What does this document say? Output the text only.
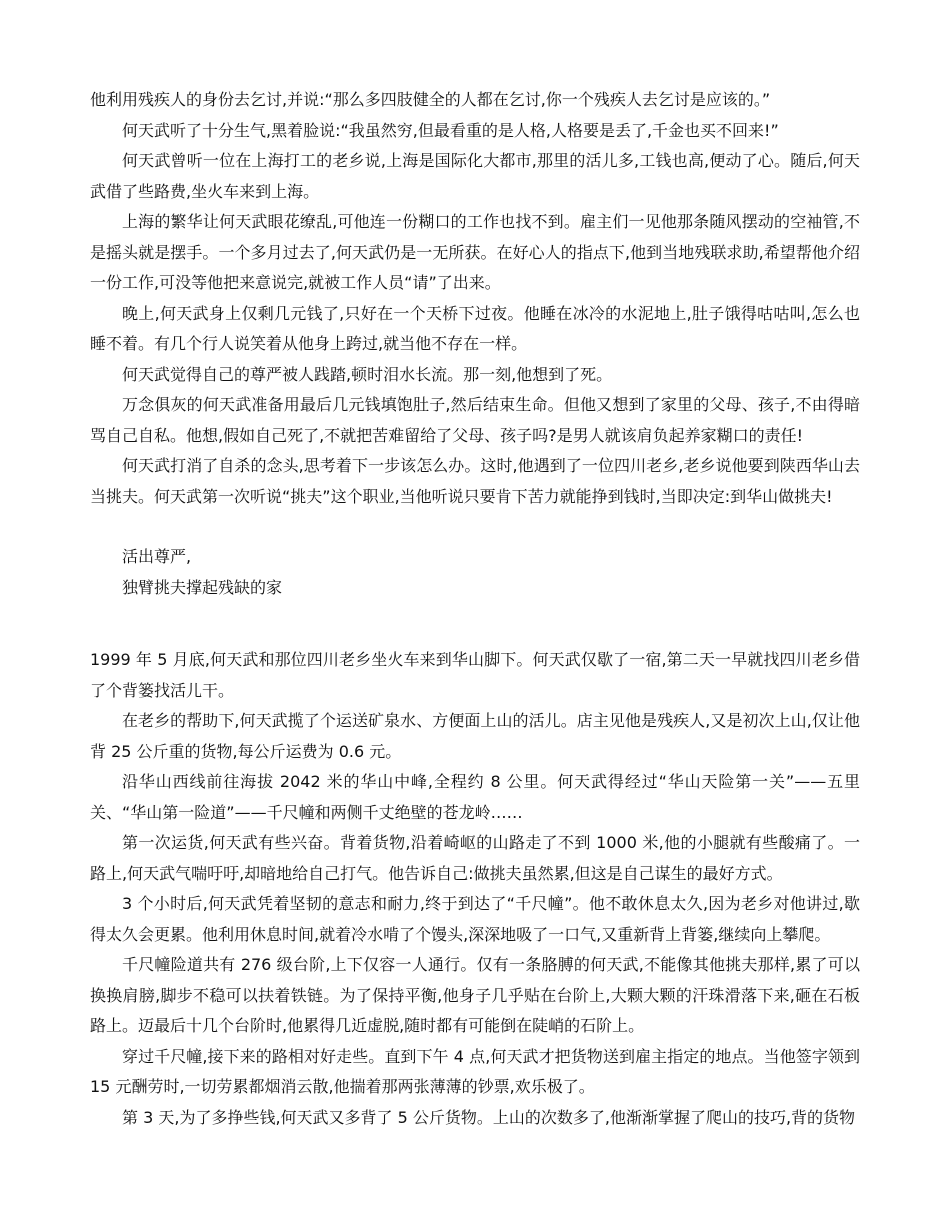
他利用残疾人的身份去乞讨,并说:“那么多四肢健全的人都在乞讨,你一个残疾人去乞讨是应该的。”

何天武听了十分生气,黑着脸说:“我虽然穷,但最看重的是人格,人格要是丢了,千金也买不回来!”

何天武曾听一位在上海打工的老乡说,上海是国际化大都市,那里的活儿多,工钱也高,便动了心。随后,何天武借了些路费,坐火车来到上海。

上海的繁华让何天武眼花缭乱,可他连一份糊口的工作也找不到。雇主们一见他那条随风摆动的空袖管,不是摇头就是摆手。一个多月过去了,何天武仍是一无所获。在好心人的指点下,他到当地残联求助,希望帮他介绍一份工作,可没等他把来意说完,就被工作人员“请”了出来。

晚上,何天武身上仅剩几元钱了,只好在一个天桥下过夜。他睡在冰冷的水泥地上,肚子饿得咕咕叫,怎么也睡不着。有几个行人说笑着从他身上跨过,就当他不存在一样。

何天武觉得自己的尊严被人践踏,顿时泪水长流。那一刻,他想到了死。

万念俱灰的何天武准备用最后几元钱填饱肚子,然后结束生命。但他又想到了家里的父母、孩子,不由得暗骂自己自私。他想,假如自己死了,不就把苦难留给了父母、孩子吗?是男人就该肩负起养家糊口的责任!

何天武打消了自杀的念头,思考着下一步该怎么办。这时,他遇到了一位四川老乡,老乡说他要到陕西华山去当挑夫。何天武第一次听说“挑夫”这个职业,当他听说只要肯下苦力就能挣到钱时,当即决定:到华山做挑夫!

活出尊严,

独臂挑夫撑起残缺的家

1999 年 5 月底,何天武和那位四川老乡坐火车来到华山脚下。何天武仅歇了一宿,第二天一早就找四川老乡借了个背篓找活儿干。

在老乡的帮助下,何天武揽了个运送矿泉水、方便面上山的活儿。店主见他是残疾人,又是初次上山,仅让他背 25 公斤重的货物,每公斤运费为 0.6 元。

沿华山西线前往海拔 2042 米的华山中峰,全程约 8 公里。何天武得经过“华山天险第一关”——五里关、“华山第一险道”——千尺幢和两侧千丈绝壁的苍龙岭……

第一次运货,何天武有些兴奋。背着货物,沿着崎岖的山路走了不到 1000 米,他的小腿就有些酸痛了。一路上,何天武气喘吁吁,却暗地给自己打气。他告诉自己:做挑夫虽然累,但这是自己谋生的最好方式。

3 个小时后,何天武凭着坚韧的意志和耐力,终于到达了“千尺幢”。他不敢休息太久,因为老乡对他讲过,歇得太久会更累。他利用休息时间,就着冷水啃了个馒头,深深地吸了一口气,又重新背上背篓,继续向上攀爬。

千尺幢险道共有 276 级台阶,上下仅容一人通行。仅有一条胳膊的何天武,不能像其他挑夫那样,累了可以换换肩膀,脚步不稳可以扶着铁链。为了保持平衡,他身子几乎贴在台阶上,大颗大颗的汗珠滑落下来,砸在石板路上。迈最后十几个台阶时,他累得几近虚脱,随时都有可能倒在陡峭的石阶上。

穿过千尺幢,接下来的路相对好走些。直到下午 4 点,何天武才把货物送到雇主指定的地点。当他签字领到 15 元酬劳时,一切劳累都烟消云散,他揣着那两张薄薄的钞票,欢乐极了。

第 3 天,为了多挣些钱,何天武又多背了 5 公斤货物。上山的次数多了,他渐渐掌握了爬山的技巧,背的货物
